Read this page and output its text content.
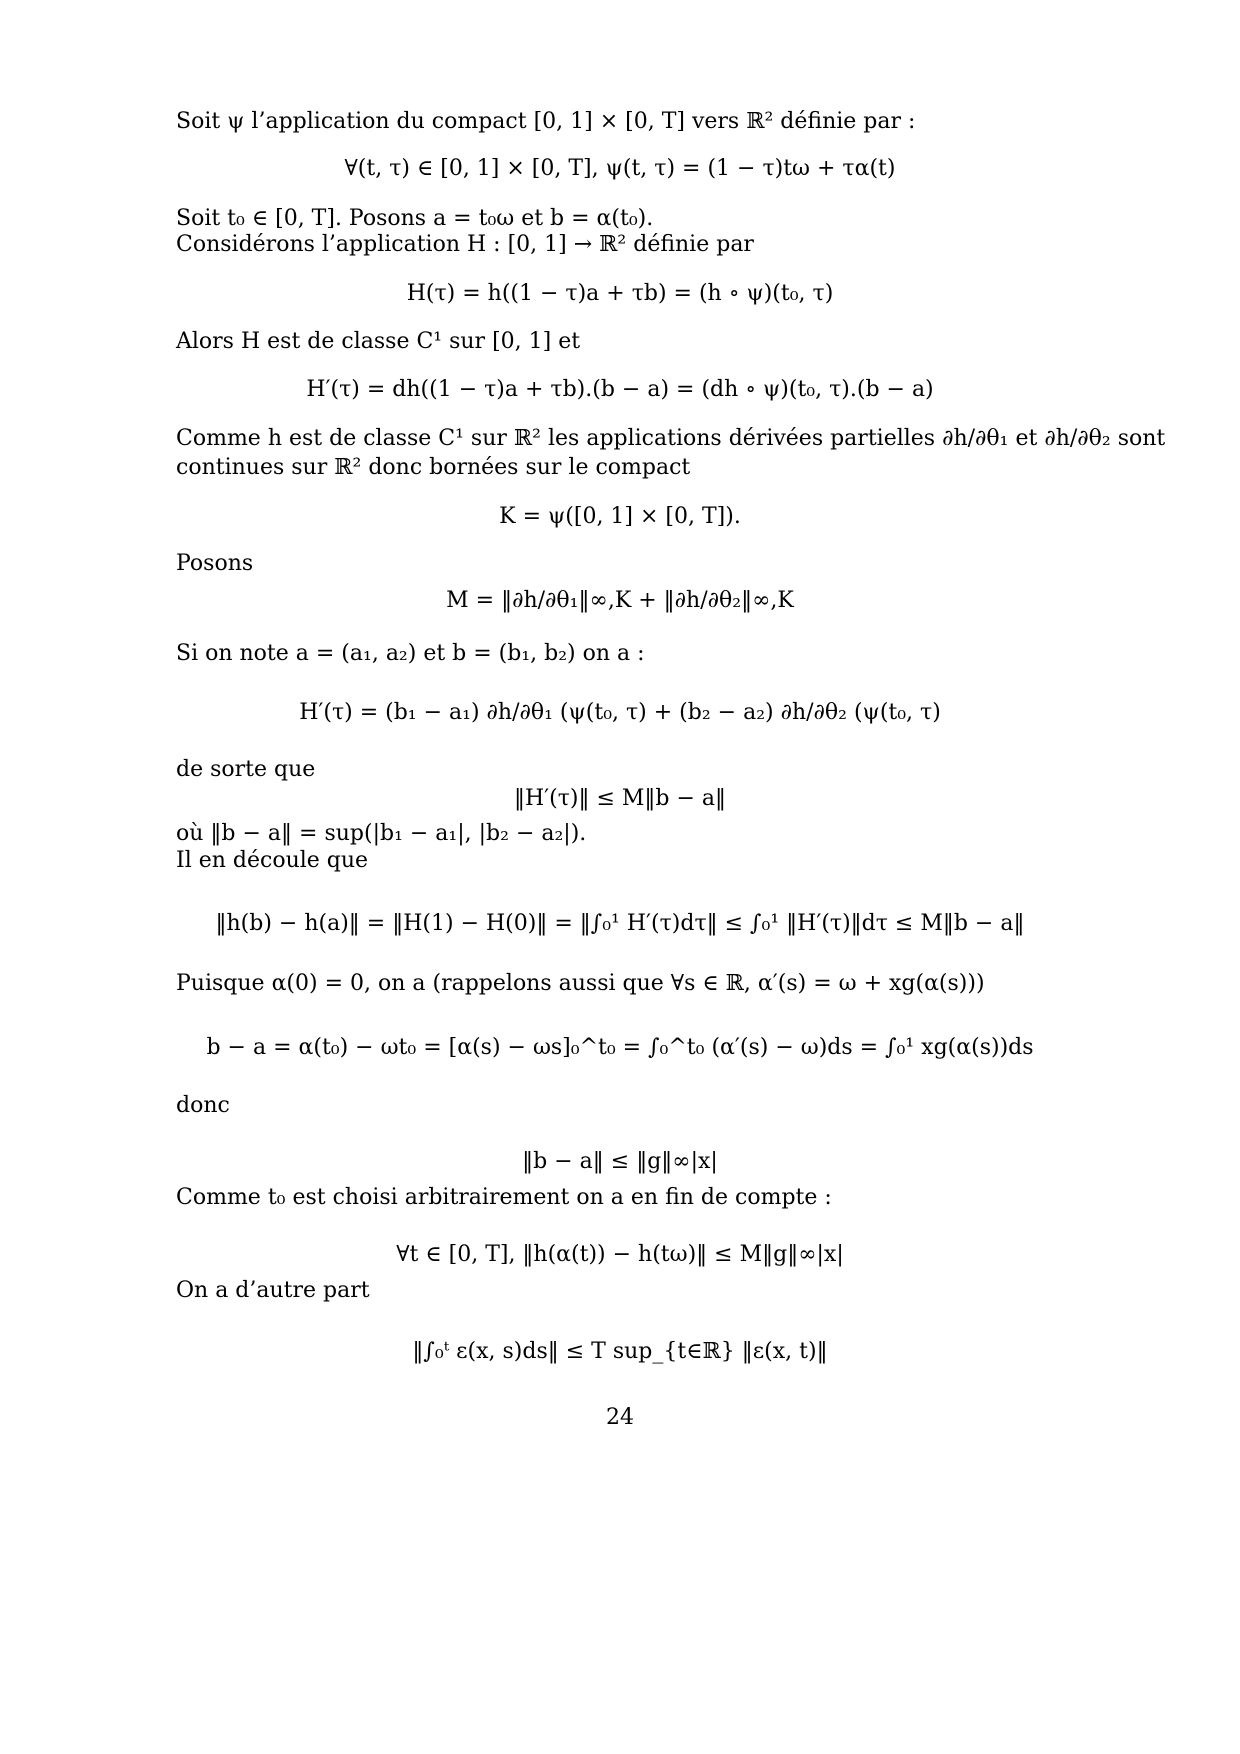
Soit ψ l’application du compact [0, 1] × [0, T] vers ℝ² définie par :
∀(t, τ) ∈ [0, 1] × [0, T], ψ(t, τ) = (1 − τ)tω + τα(t)
Soit t₀ ∈ [0, T]. Posons a = t₀ω et b = α(t₀).
Considérons l’application H : [0, 1] → ℝ² définie par
H(τ) = h((1 − τ)a + τb) = (h ∘ ψ)(t₀, τ)
Alors H est de classe C¹ sur [0, 1] et
H′(τ) = dh((1 − τ)a + τb).(b − a) = (dh ∘ ψ)(t₀, τ).(b − a)
Comme h est de classe C¹ sur ℝ² les applications dérivées partielles ∂h/∂θ₁ et ∂h/∂θ₂ sont
continues sur ℝ² donc bornées sur le compact
K = ψ([0, 1] × [0, T]).
Posons
M = ‖∂h/∂θ₁‖∞,K + ‖∂h/∂θ₂‖∞,K
Si on note a = (a₁, a₂) et b = (b₁, b₂) on a :
H′(τ) = (b₁ − a₁) ∂h/∂θ₁ (ψ(t₀, τ) + (b₂ − a₂) ∂h/∂θ₂ (ψ(t₀, τ)
de sorte que
‖H′(τ)‖ ≤ M‖b − a‖
où ‖b − a‖ = sup(|b₁ − a₁|, |b₂ − a₂|).
Il en découle que
‖h(b) − h(a)‖ = ‖H(1) − H(0)‖ = ‖∫₀¹ H′(τ)dτ‖ ≤ ∫₀¹ ‖H′(τ)‖dτ ≤ M‖b − a‖
Puisque α(0) = 0, on a (rappelons aussi que ∀s ∈ ℝ, α′(s) = ω + xg(α(s)))
b − a = α(t₀) − ωt₀ = [α(s) − ωs]₀^t₀ = ∫₀^t₀ (α′(s) − ω)ds = ∫₀¹ xg(α(s))ds
donc
‖b − a‖ ≤ ‖g‖∞|x|
Comme t₀ est choisi arbitrairement on a en fin de compte :
∀t ∈ [0, T], ‖h(α(t)) − h(tω)‖ ≤ M‖g‖∞|x|
On a d’autre part
‖∫₀ᵗ ε(x, s)ds‖ ≤ T sup_{t∈ℝ} ‖ε(x, t)‖
24
